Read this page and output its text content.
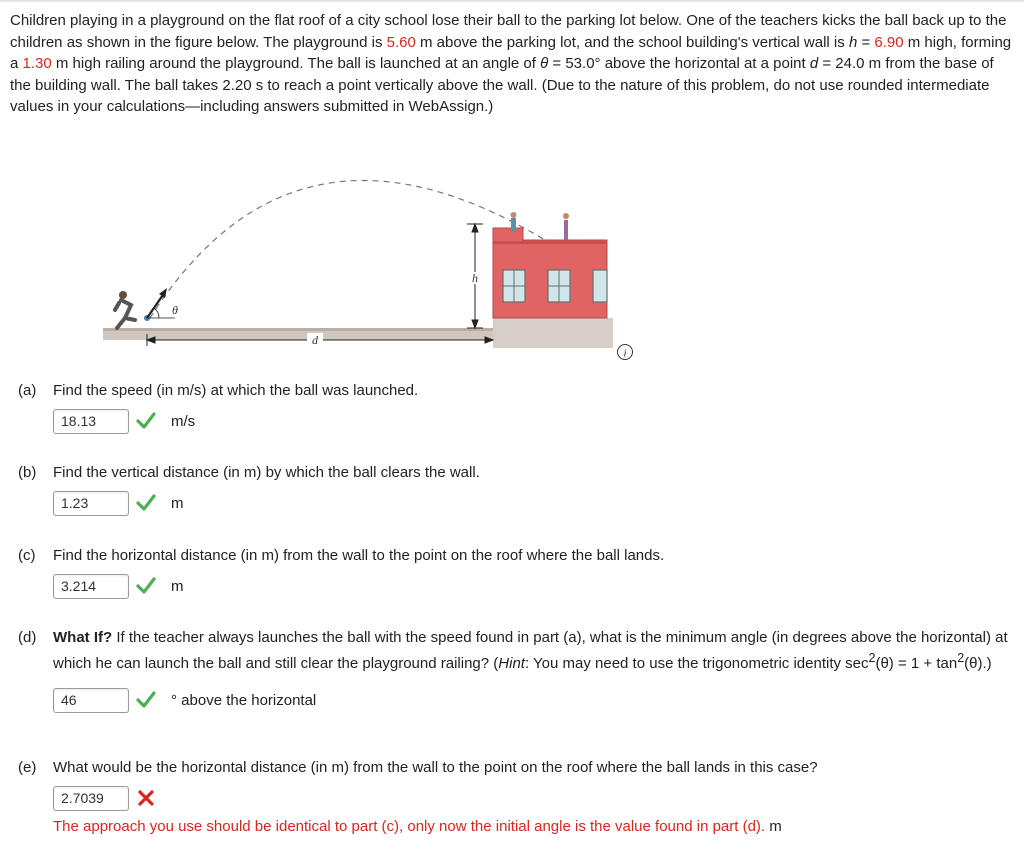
Children playing in a playground on the flat roof of a city school lose their ball to the parking lot below. One of the teachers kicks the ball back up to the children as shown in the figure below. The playground is 5.60 m above the parking lot, and the school building's vertical wall is h = 6.90 m high, forming a 1.30 m high railing around the playground. The ball is launched at an angle of θ = 53.0° above the horizontal at a point d = 24.0 m from the base of the building wall. The ball takes 2.20 s to reach a point vertically above the wall. (Due to the nature of this problem, do not use rounded intermediate values in your calculations—including answers submitted in WebAssign.)

h
d
θ
i
(a)	Find the speed (in m/s) at which the ball was launched.
18.13	m/s
(b)	Find the vertical distance (in m) by which the ball clears the wall.
1.23	m
(c)	Find the horizontal distance (in m) from the wall to the point on the roof where the ball lands.
3.214	m
(d)	What If? If the teacher always launches the ball with the speed found in part (a), what is the minimum angle (in degrees above the horizontal) at which he can launch the ball and still clear the playground railing? (Hint: You may need to use the trigonometric identity $\sec^2(\theta) = 1 + \tan^2(\theta)$.)
46	° above the horizontal
(e)	What would be the horizontal distance (in m) from the wall to the point on the roof where the ball lands in this case?
2.7039
The approach you use should be identical to part (c), only now the initial angle is the value found in part (d). m
